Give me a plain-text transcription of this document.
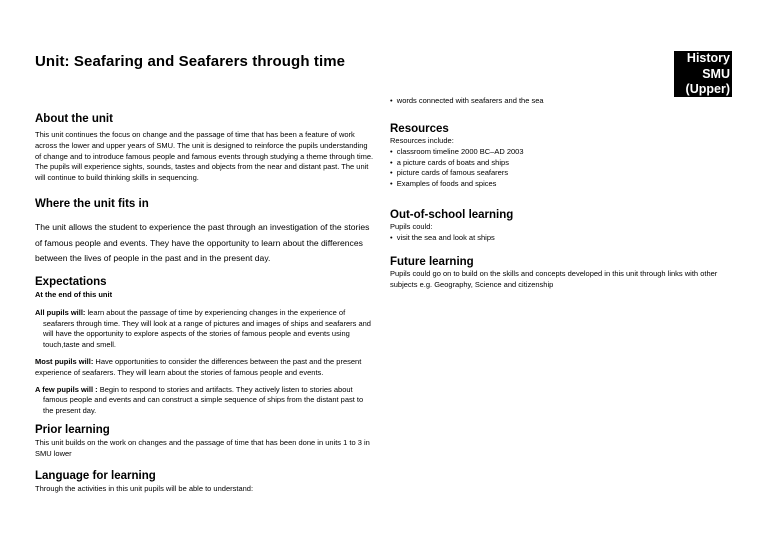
Unit: Seafaring and Seafarers through time	History
SMU
(Upper)
About the unit

This unit continues the focus on change and the passage of time that has been a feature of work across the lower and upper years of SMU. The unit is designed to reinforce the pupils understanding of change and to introduce famous people and famous events through studying a theme through time. The pupils will experience sights, sounds, tastes and objects from the near and distant past. The unit will continue to build thinking skills in sequencing.

Where the unit fits in

The unit allows the student to experience the past through an investigation of the stories of famous people and events. They have the opportunity to learn about the differences between the lives of people in the past and in the present day.

Expectations

At the end of this unit

All pupils will: learn about the passage of time by experiencing changes in the experience of seafarers through time. They will look at a range of pictures and images of ships and seafarers and will have the opportunity to explore aspects of the stories of famous people and events using touch,taste and smell.

Most pupils will: Have opportunities to consider the differences between the past and the present experience of seafarers. They will learn about the stories of famous people and events.

A few pupils will : Begin to respond to stories and artifacts. They actively listen to stories about famous people and events and can construct a simple sequence of ships from the distant past to the present day.

Prior learning

This unit builds on the work on changes and the passage of time that has been done in units 1 to 3 in SMU lower

Language for learning

Through the activities in this unit pupils will be able to understand:

•  words connected with seafarers and the sea

Resources

Resources include:

•  classroom timeline 2000 BC–AD 2003

•  a picture cards of boats and ships

•  picture cards of famous seafarers

•  Examples of foods and spices

Out-of-school learning

Pupils could:

•  visit the sea and look at ships

Future learning

Pupils could go on to build on the skills and concepts developed in this unit through links with other subjects e.g. Geography, Science and citizenship
